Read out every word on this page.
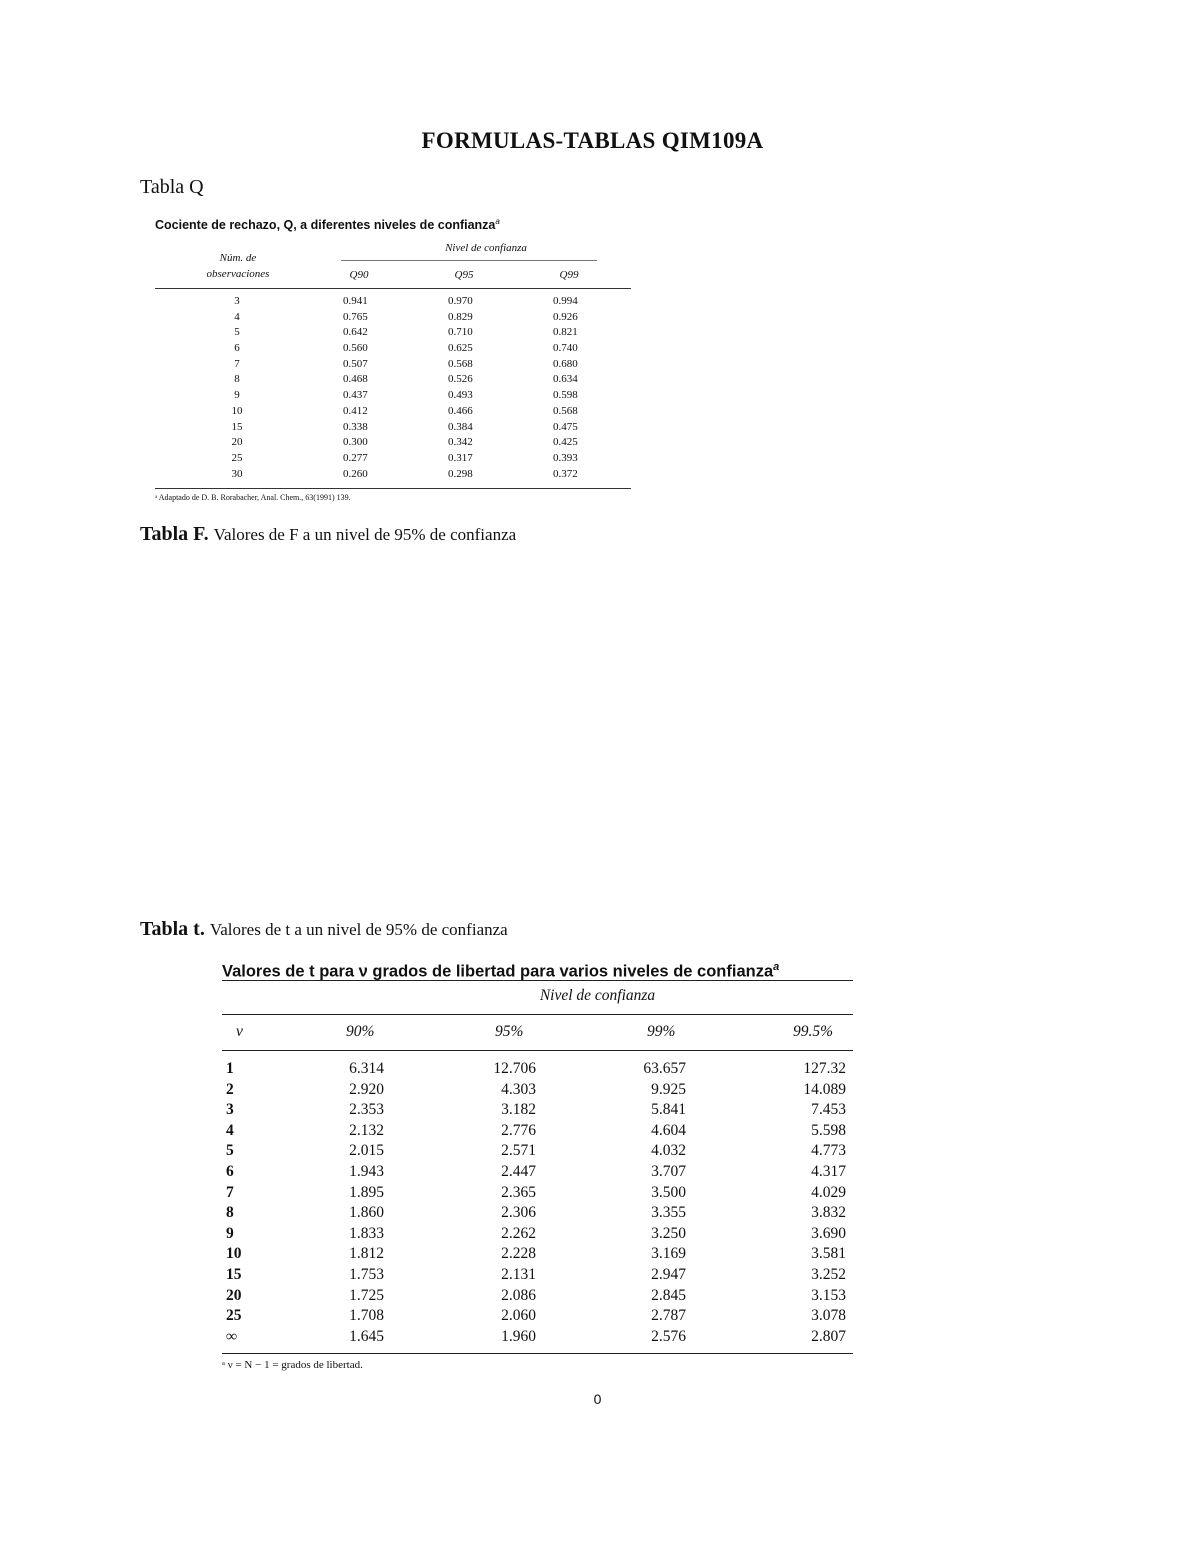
FORMULAS-TABLAS QIM109A
Tabla Q
Cociente de rechazo, Q, a diferentes niveles de confianza$^a$
Núm. de
observaciones
Nivel de confianza
Q90	Q95	Q99
3	0.941	0.970	0.994
4	0.765	0.829	0.926
5	0.642	0.710	0.821
6	0.560	0.625	0.740
7	0.507	0.568	0.680
8	0.468	0.526	0.634
9	0.437	0.493	0.598
10	0.412	0.466	0.568
15	0.338	0.384	0.475
20	0.300	0.342	0.425
25	0.277	0.317	0.393
30	0.260	0.298	0.372
ᵃ Adaptado de D. B. Rorabacher, Anal. Chem., 63(1991) 139.
Tabla F. Valores de F a un nivel de 95% de confianza
Tabla t. Valores de t a un nivel de 95% de confianza
Valores de t para ν grados de libertad para varios niveles de confianza$^a$
Nivel de confianza
ν	90%	95%	99%	99.5%
1	6.314	12.706	63.657	127.32
2	2.920	4.303	9.925	14.089
3	2.353	3.182	5.841	7.453
4	2.132	2.776	4.604	5.598
5	2.015	2.571	4.032	4.773
6	1.943	2.447	3.707	4.317
7	1.895	2.365	3.500	4.029
8	1.860	2.306	3.355	3.832
9	1.833	2.262	3.250	3.690
10	1.812	2.228	3.169	3.581
15	1.753	2.131	2.947	3.252
20	1.725	2.086	2.845	3.153
25	1.708	2.060	2.787	3.078
∞	1.645	1.960	2.576	2.807
ᵃ ν = N − 1 = grados de libertad.
0
